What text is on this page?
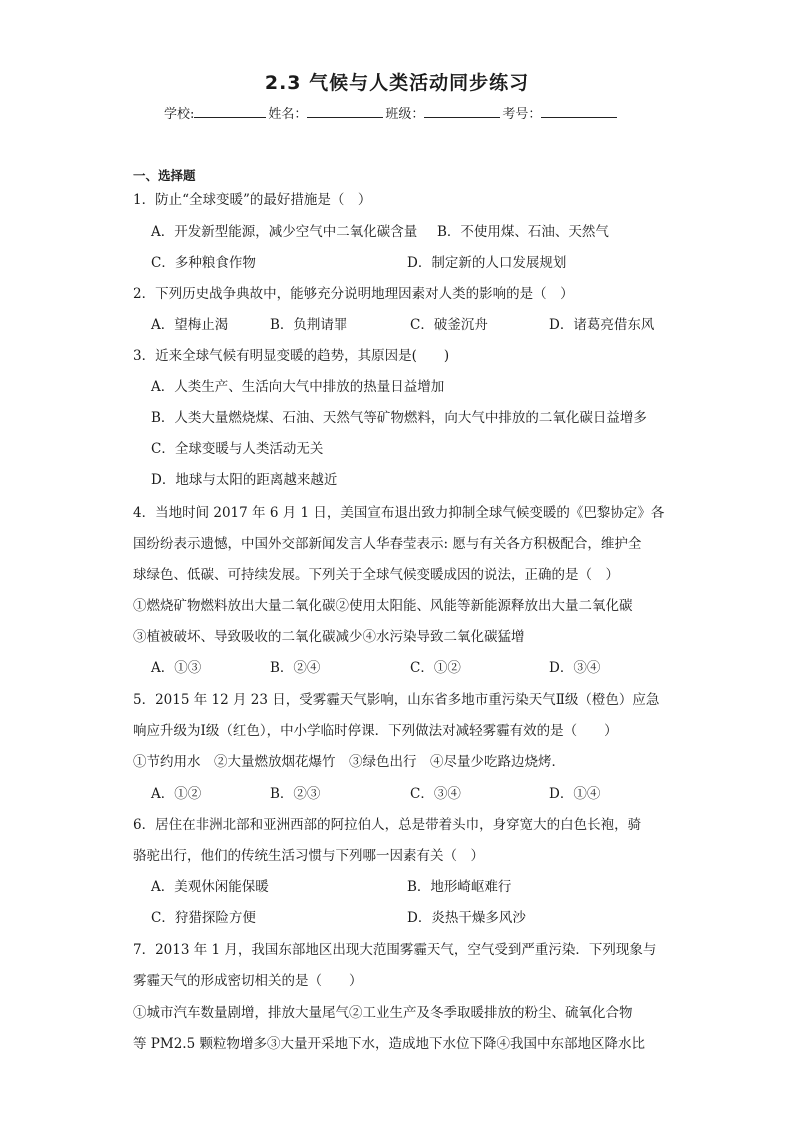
2.3 气候与人类活动同步练习
学校:	姓名：	班级：	考号：
一、选择题
1．防止“全球变暖”的最好措施是（　）
A．开发新型能源，减少空气中二氧化碳含量 B．不使用煤、石油、天然气
C．多种粮食作物	D．制定新的人口发展规划
2．下列历史战争典故中，能够充分说明地理因素对人类的影响的是（　）
A．望梅止渴	B．负荆请罪	C．破釜沉舟	D．诸葛亮借东风
3．近来全球气候有明显变暖的趋势，其原因是(　　)
A．人类生产、生活向大气中排放的热量日益增加
B．人类大量燃烧煤、石油、天然气等矿物燃料，向大气中排放的二氧化碳日益增多
C．全球变暖与人类活动无关
D．地球与太阳的距离越来越近
4．当地时间 2017 年 6 月 1 日，美国宣布退出致力抑制全球气候变暖的《巴黎协定》各
国纷纷表示遗憾，中国外交部新闻发言人华春莹表示: 愿与有关各方积极配合，维护全
球绿色、低碳、可持续发展。下列关于全球气候变暖成因的说法，正确的是（　）
①燃烧矿物燃料放出大量二氧化碳②使用太阳能、风能等新能源释放出大量二氧化碳
③植被破坏、导致吸收的二氧化碳减少④水污染导致二氧化碳猛增
A．①③	B．②④	C．①②	D．③④
5．2015 年 12 月 23 日，受雾霾天气影响，山东省多地市重污染天气Ⅱ级（橙色）应急
响应升级为Ⅰ级（红色），中小学临时停课．下列做法对减轻雾霾有效的是（　　）
①节约用水　②大量燃放烟花爆竹　③绿色出行　④尽量少吃路边烧烤．
A．①②	B．②③	C．③④	D．①④
6．居住在非洲北部和亚洲西部的阿拉伯人，总是带着头巾，身穿宽大的白色长袍，骑
骆驼出行，他们的传统生活习惯与下列哪一因素有关（　）
A．美观休闲能保暖	B．地形崎岖难行
C．狩猎探险方便	D．炎热干燥多风沙
7．2013 年 1 月，我国东部地区出现大范围雾霾天气，空气受到严重污染．下列现象与
雾霾天气的形成密切相关的是（　　）
①城市汽车数量剧增，排放大量尾气②工业生产及冬季取暖排放的粉尘、硫氧化合物
等 PM2.5 颗粒物增多③大量开采地下水，造成地下水位下降④我国中东部地区降水比
